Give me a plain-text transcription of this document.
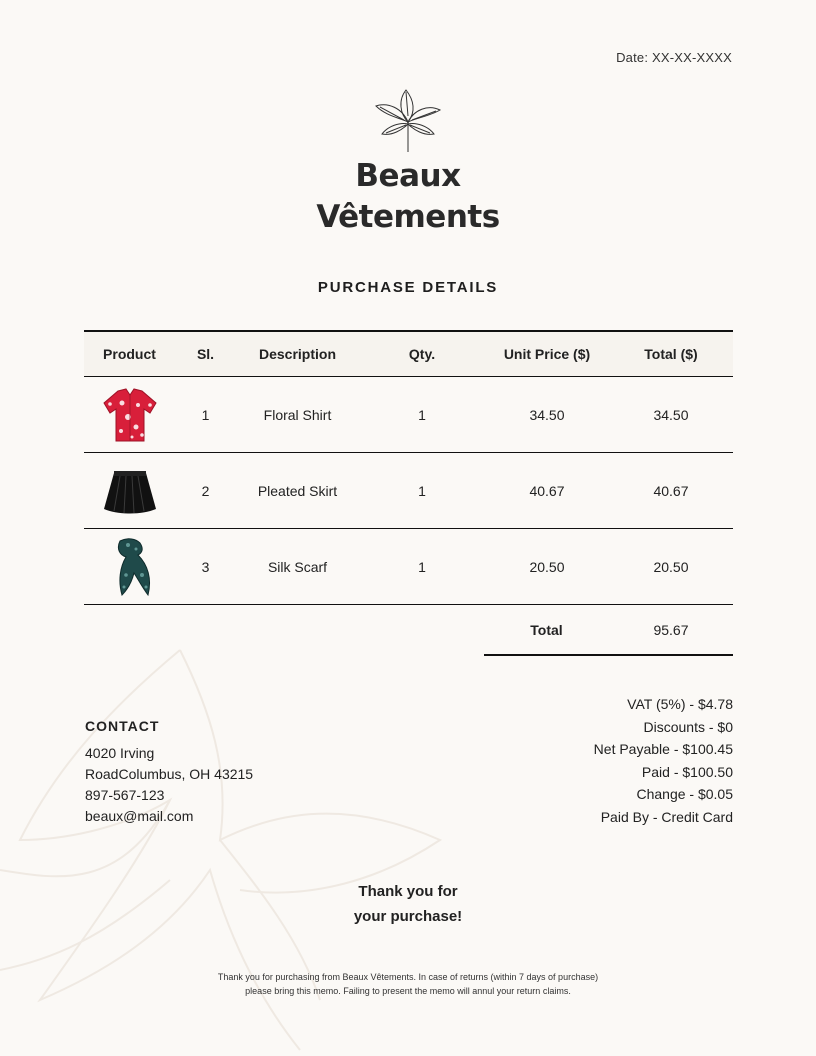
Date: XX-XX-XXXX
Beaux
Vêtements
PURCHASE DETAILS
Product	Sl.	Description	Qty.	Unit Price ($)	Total ($)
	1	Floral Shirt	1	34.50	34.50
	2	Pleated Skirt	1	40.67	40.67
	3	Silk Scarf	1	20.50	20.50
Total	95.67
CONTACT
4020 Irving
RoadColumbus, OH 43215
897-567-123
beaux@mail.com
VAT (5%) - $4.78
Discounts - $0
Net Payable - $100.45
Paid - $100.50
Change - $0.05
Paid By - Credit Card
Thank you for
your purchase!
Thank you for purchasing from Beaux Vêtements. In case of returns (within 7 days of purchase)
please bring this memo. Failing to present the memo will annul your return claims.
